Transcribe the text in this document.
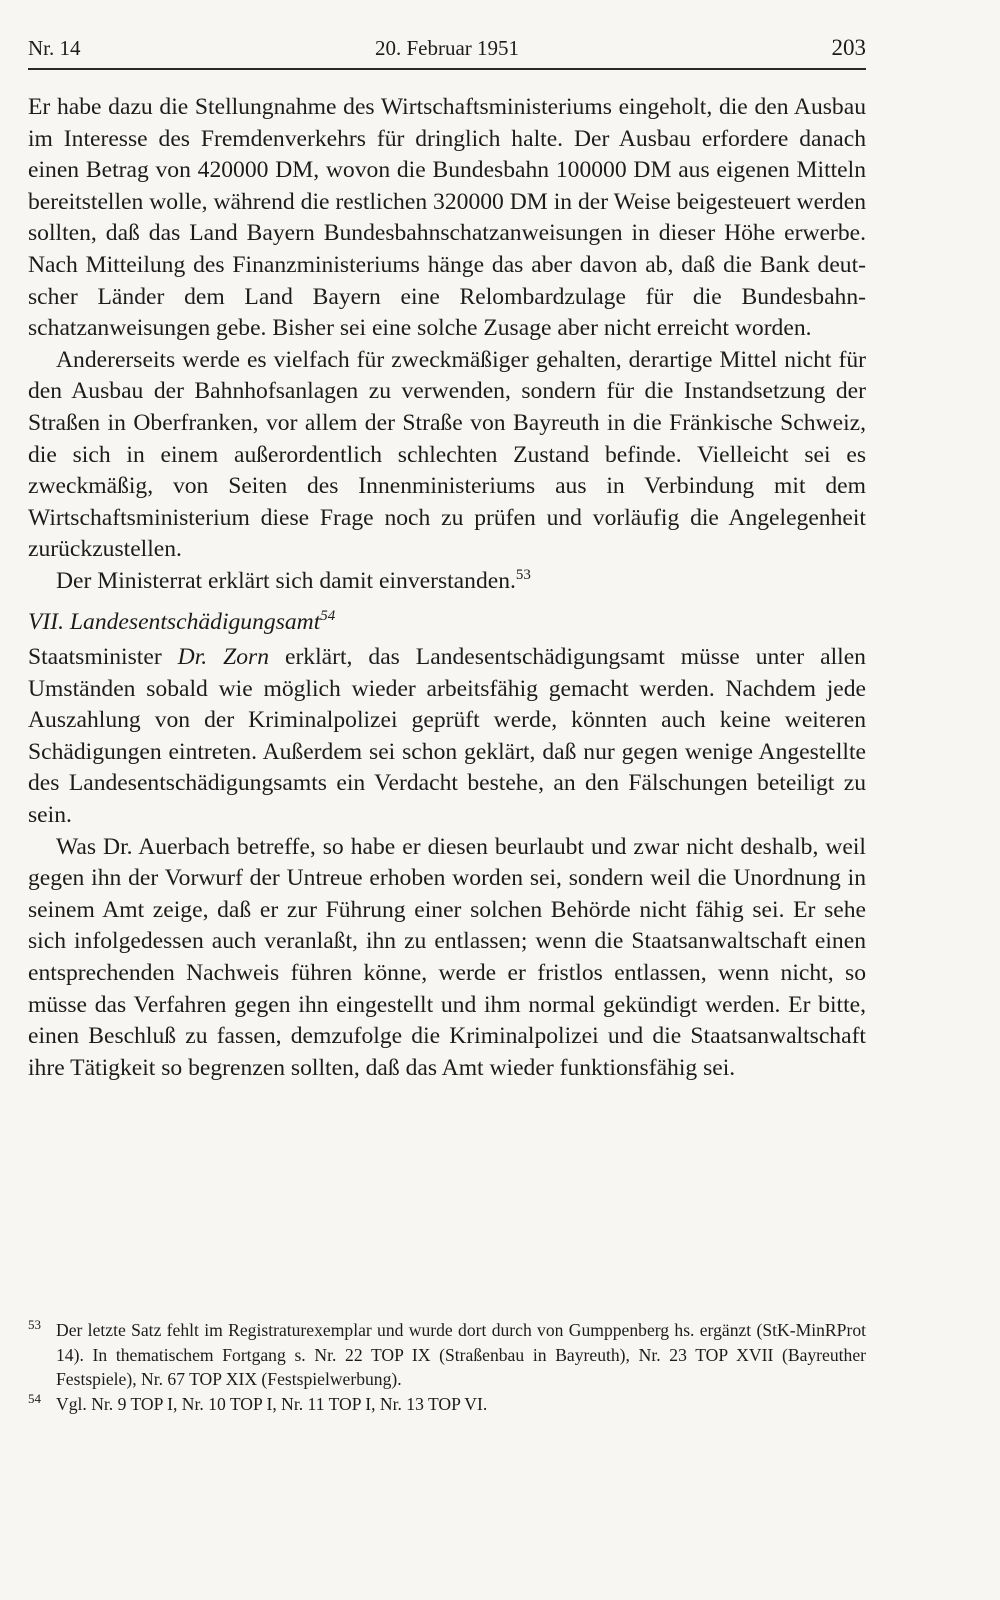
Nr. 14	20. Februar 1951	203

Er habe dazu die Stellungnahme des Wirtschaftsministeriums eingeholt, die den Ausbau im Interesse des Fremdenverkehrs für dringlich halte. Der Ausbau erfordere danach einen Betrag von 420000 DM, wovon die Bundesbahn 100000 DM aus eigenen Mitteln bereitstellen wolle, während die restlichen 320000 DM in der Weise beigesteuert werden sollten, daß das Land Bayern Bundesbahnschatzanweisungen in dieser Höhe erwerbe. Nach Mitteilung des Finanzministeriums hänge das aber davon ab, daß die Bank deutscher Länder dem Land Bayern eine Relombardzulage für die Bundesbahnschatzanweisungen gebe. Bisher sei eine solche Zusage aber nicht erreicht worden.

Andererseits werde es vielfach für zweckmäßiger gehalten, derartige Mittel nicht für den Ausbau der Bahnhofsanlagen zu verwenden, sondern für die Instandsetzung der Straßen in Oberfranken, vor allem der Straße von Bayreuth in die Fränkische Schweiz, die sich in einem außerordentlich schlechten Zustand befinde. Vielleicht sei es zweckmäßig, von Seiten des Innenministeriums aus in Verbindung mit dem Wirtschaftsministerium diese Frage noch zu prüfen und vorläufig die Angelegenheit zurückzustellen.

Der Ministerrat erklärt sich damit einverstanden.$^{53}$

VII. Landesentschädigungsamt$^{54}$

Staatsminister Dr. Zorn erklärt, das Landesentschädigungsamt müsse unter allen Umständen sobald wie möglich wieder arbeitsfähig gemacht werden. Nachdem jede Auszahlung von der Kriminalpolizei geprüft werde, könnten auch keine weiteren Schädigungen eintreten. Außerdem sei schon geklärt, daß nur gegen wenige Angestellte des Landesentschädigungsamts ein Verdacht bestehe, an den Fälschungen beteiligt zu sein.

Was Dr. Auerbach betreffe, so habe er diesen beurlaubt und zwar nicht deshalb, weil gegen ihn der Vorwurf der Untreue erhoben worden sei, sondern weil die Unordnung in seinem Amt zeige, daß er zur Führung einer solchen Behörde nicht fähig sei. Er sehe sich infolgedessen auch veranlaßt, ihn zu entlassen; wenn die Staatsanwaltschaft einen entsprechenden Nachweis führen könne, werde er fristlos entlassen, wenn nicht, so müsse das Verfahren gegen ihn eingestellt und ihm normal gekündigt werden. Er bitte, einen Beschluß zu fassen, demzufolge die Kriminalpolizei und die Staatsanwaltschaft ihre Tätigkeit so begrenzen sollten, daß das Amt wieder funktionsfähig sei.

53 Der letzte Satz fehlt im Registraturexemplar und wurde dort durch von Gumppenberg hs. ergänzt (StK-MinRProt 14). In thematischem Fortgang s. Nr. 22 TOP IX (Straßenbau in Bayreuth), Nr. 23 TOP XVII (Bayreuther Festspiele), Nr. 67 TOP XIX (Festspielwerbung).
54 Vgl. Nr. 9 TOP I, Nr. 10 TOP I, Nr. 11 TOP I, Nr. 13 TOP VI.
